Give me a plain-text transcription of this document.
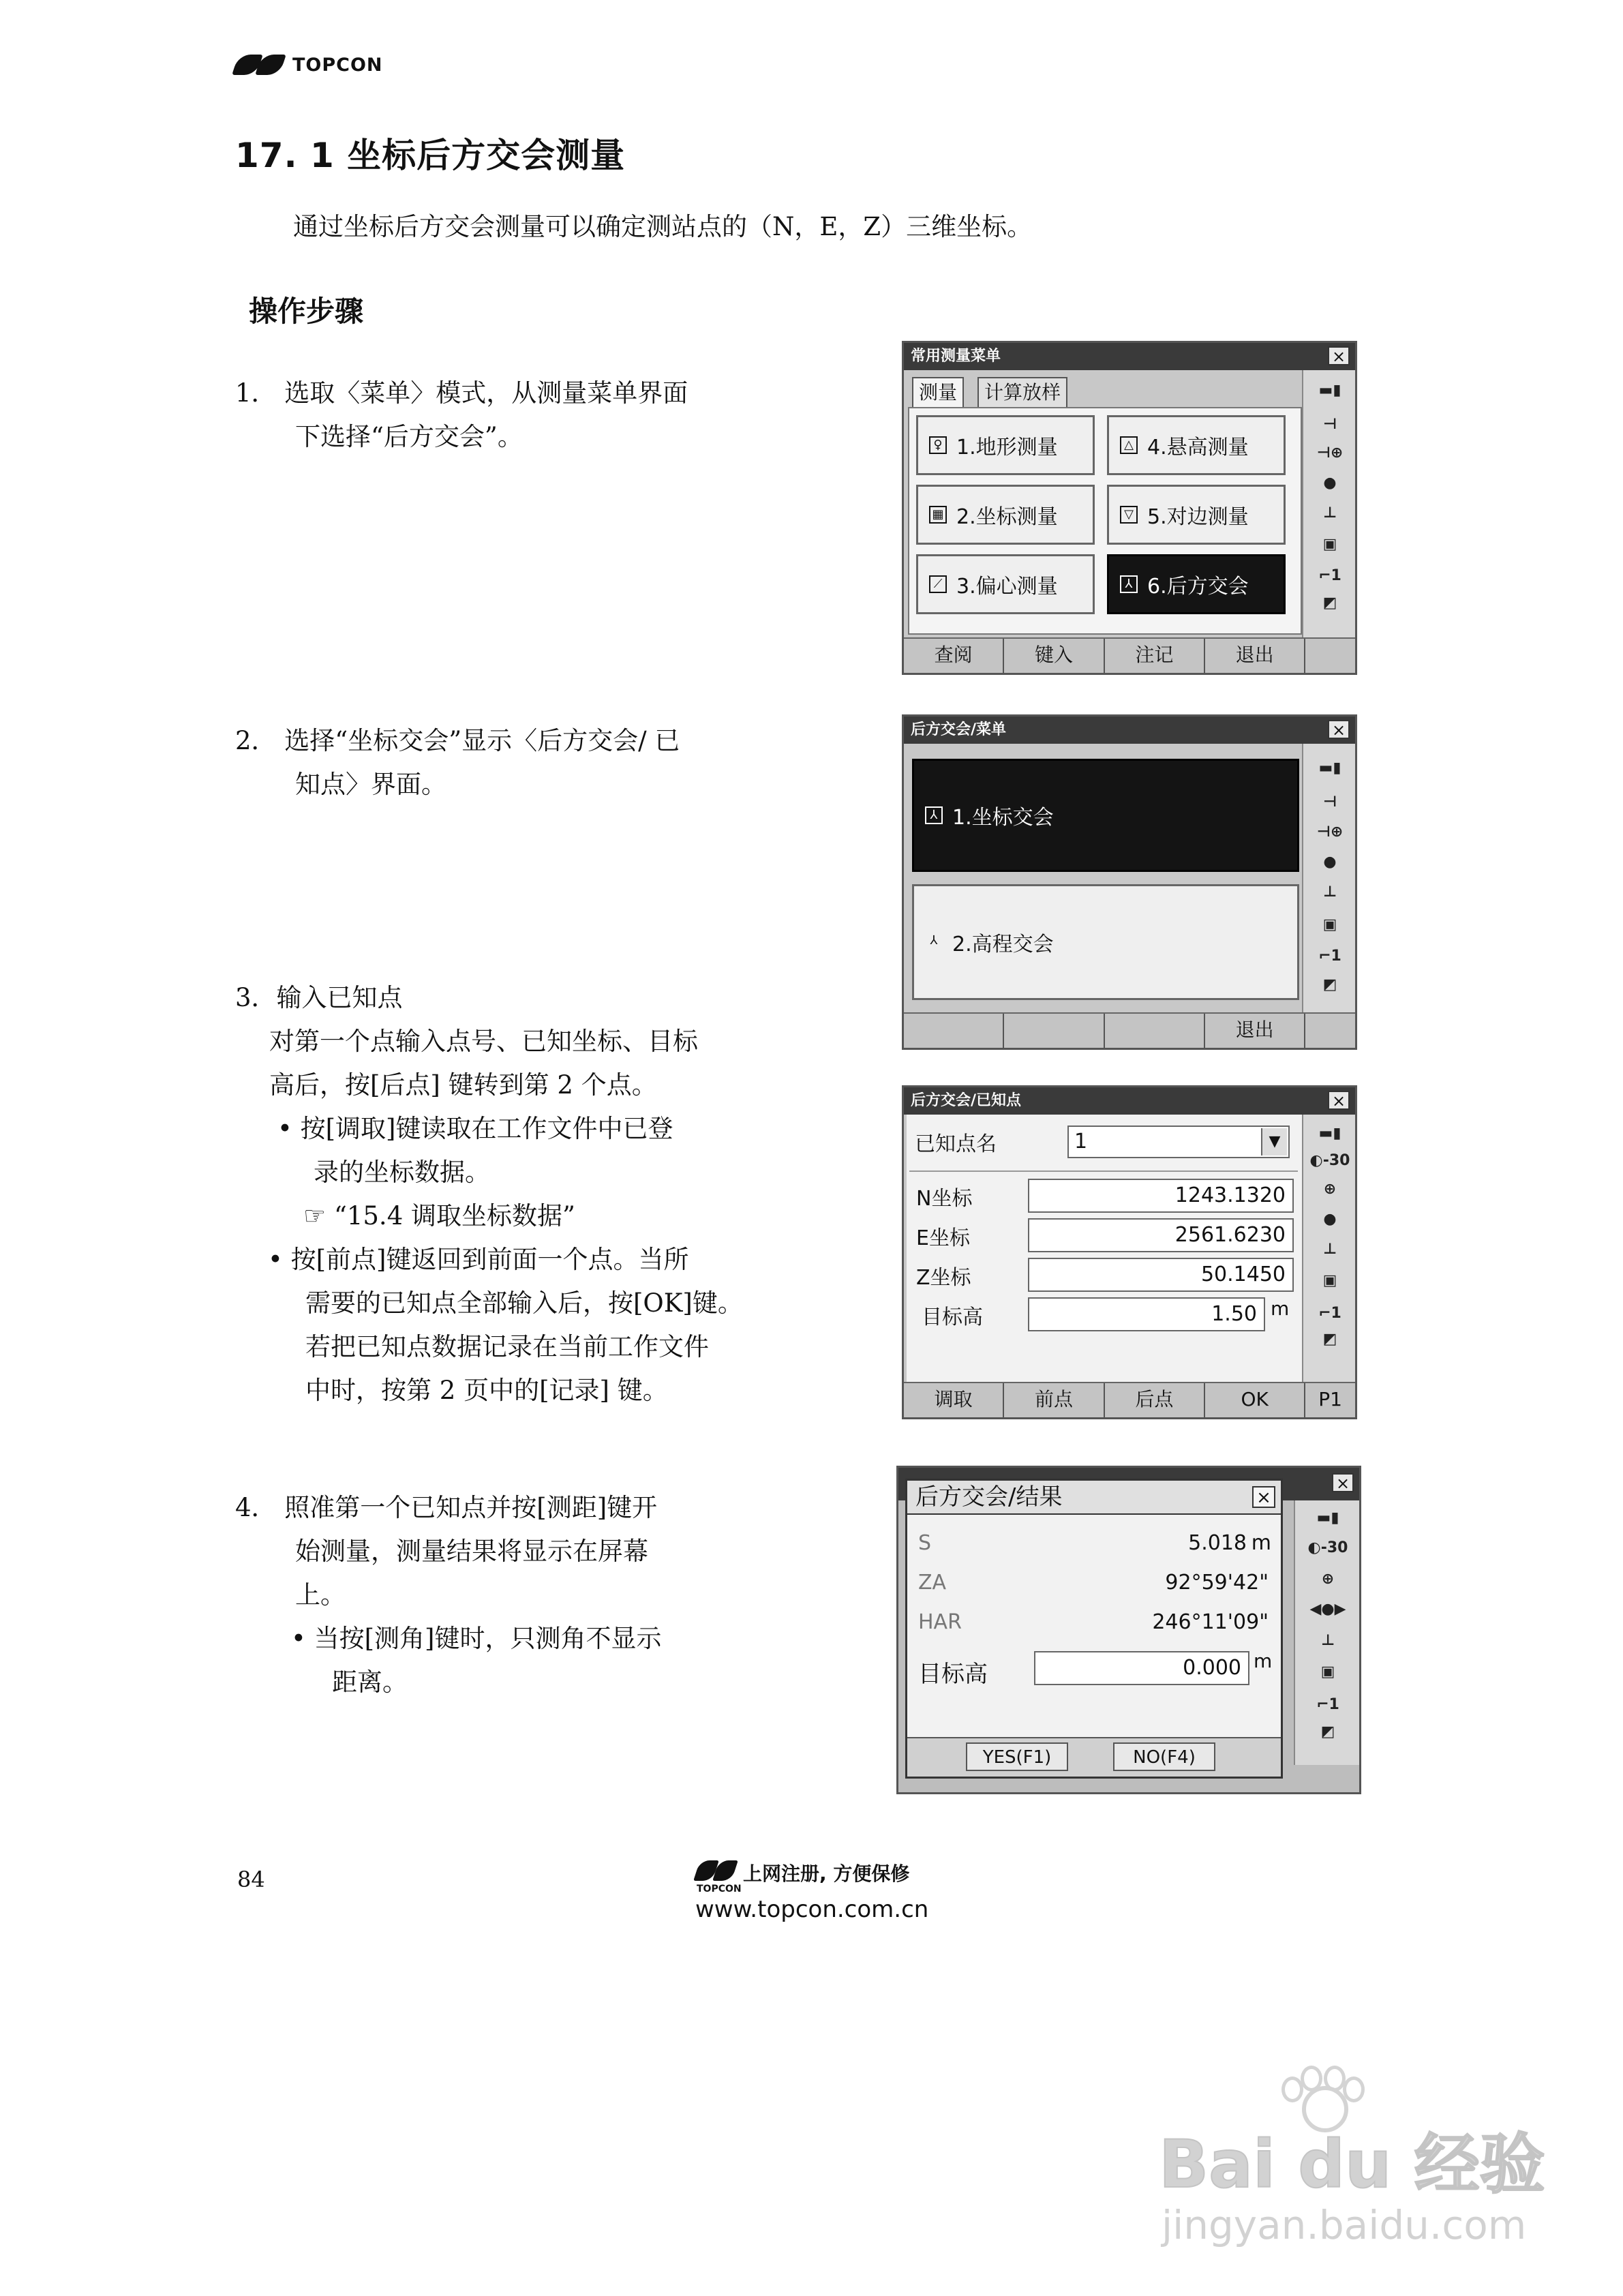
TOPCON
17. 1 坐标后方交会测量
通过坐标后方交会测量可以确定测站点的（N，E，Z）三维坐标。
操作步骤
1． 选取〈菜单〉模式，从测量菜单界面
下选择“后方交会”。
2． 选择“坐标交会”显示〈后方交会/ 已
知点〉界面。
3．输入已知点
对第一个点输入点号、已知坐标、目标
高后，按[后点] 键转到第 2 个点。
• 按[调取]键读取在工作文件中已登
录的坐标数据。
☞ “15.4 调取坐标数据”
• 按[前点]键返回到前面一个点。当所
需要的已知点全部输入后，按[OK]键。
若把已知点数据记录在当前工作文件
中时，按第 2 页中的[记录] 键。
4． 照准第一个已知点并按[测距]键开
始测量，测量结果将显示在屏幕
上。
• 当按[测角]键时，只测角不显示
距离。
常用测量菜单	×
测量	计算放样
♀ 1.地形测量	△ 4.悬高测量
▦ 2.坐标测量	▽ 5.对边测量
⟋ 3.偏心测量	⅄ 6.后方交会
▬▮
⊣
⊣⊕
●
⊥
▣
⌐1
◩
查阅	键入	注记	退出
后方交会/菜单	×
⅄ 1.坐标交会
⅄ 2.高程交会
▬▮
⊣
⊣⊕
●
⊥
▣
⌐1
◩
退出
后方交会/已知点	×
已知点名	1	▼
N坐标	1243.1320
E坐标	2561.6230
Z坐标	50.1450
目标高	1.50 m
▬▮
◐ -30
⊕
●
⊥
▣
⌐1
◩
调取	前点	后点	OK	P1
×
后方交会/结果	×
S	5.018 m
ZA	92°59'42"
HAR	246°11'09"
目标高	0.000 m
YES(F1)	NO(F4)
▬▮
◐ -30
⊕
◀●▶
⊥
▣
⌐1
◩
84	上网注册, 方便保修
TOPCON
www.topcon.com.cn
Bai du 经验
jingyan.baidu.com
